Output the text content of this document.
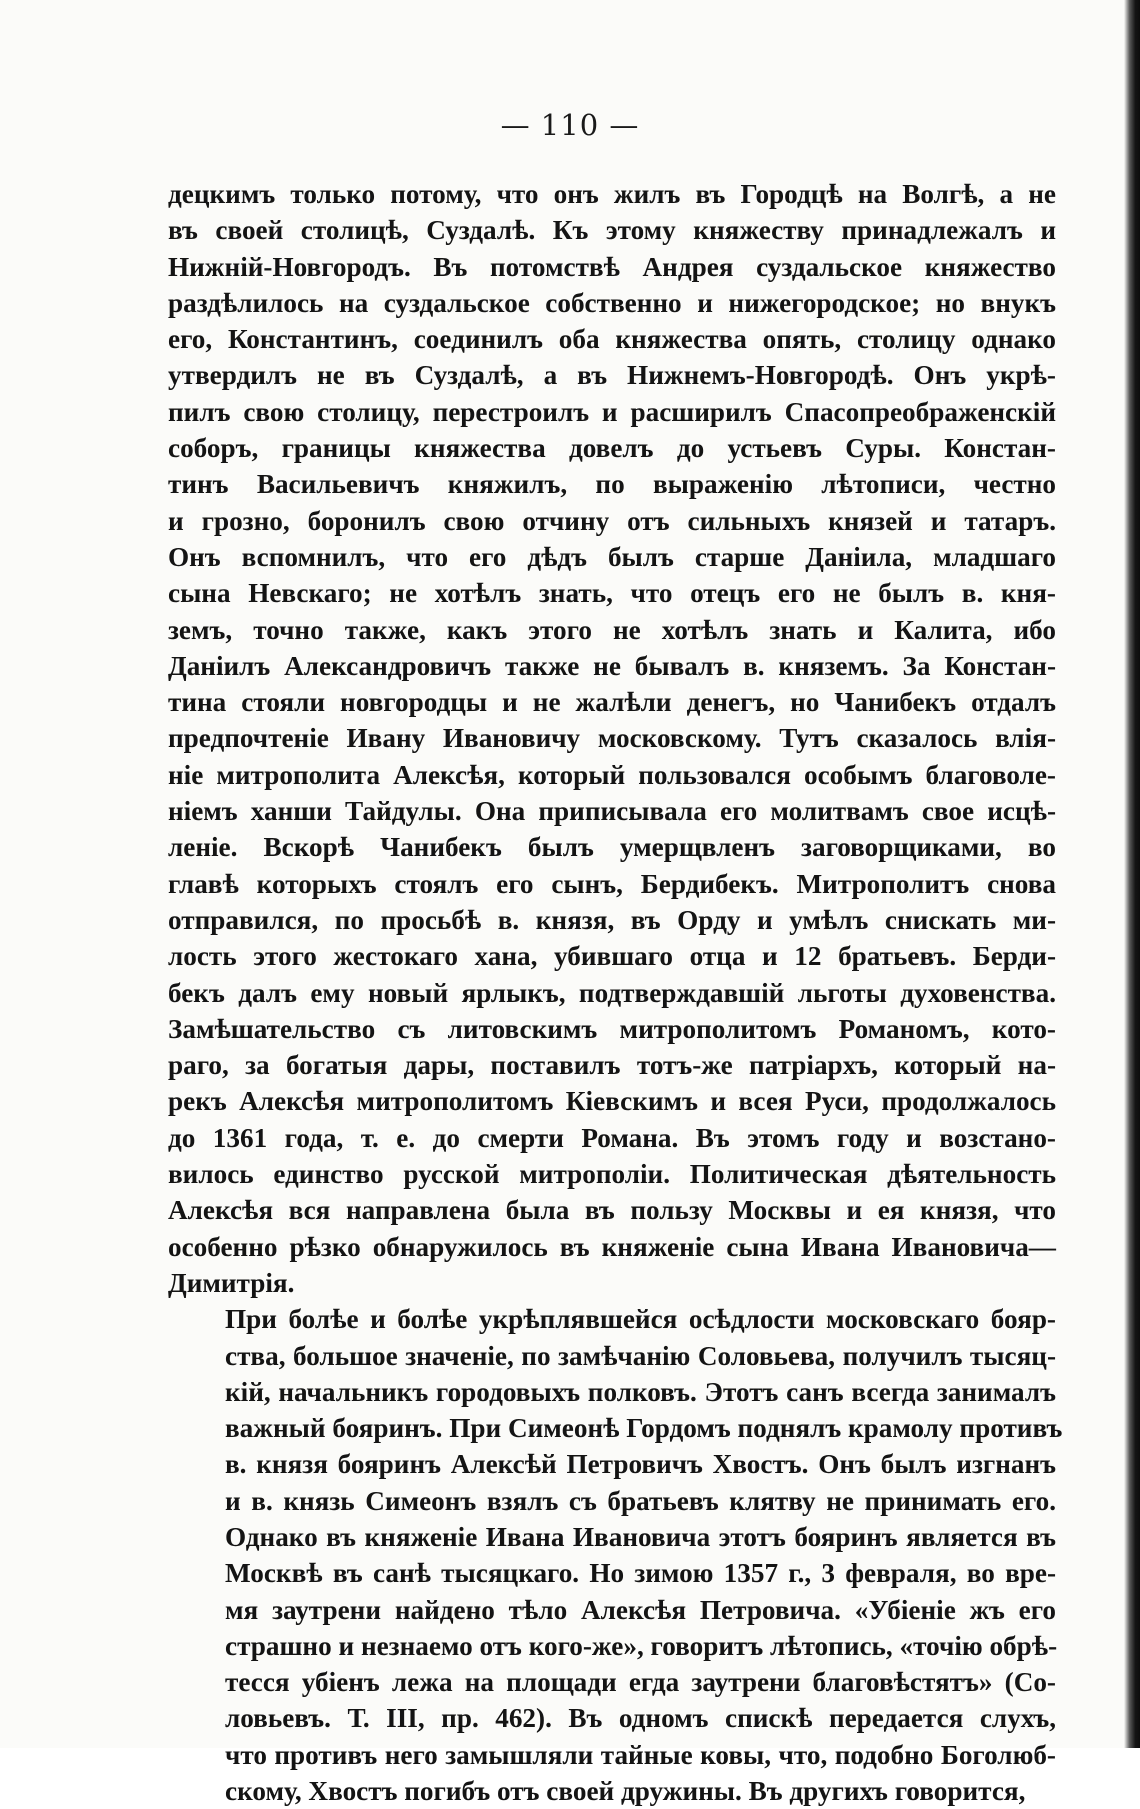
— 110 —
децкимъ только потому, что онъ жилъ въ Городцѣ на Волгѣ, а не
въ своей столицѣ, Суздалѣ. Къ этому княжеству принадлежалъ и
Нижній-Новгородъ. Въ потомствѣ Андрея суздальское княжество
раздѣлилось на суздальское собственно и нижегородское; но внукъ
его, Константинъ, соединилъ оба княжества опять, столицу однако
утвердилъ не въ Суздалѣ, а въ Нижнемъ-Новгородѣ. Онъ укрѣ-
пилъ свою столицу, перестроилъ и расширилъ Спасопреображенскій
соборъ, границы княжества довелъ до устьевъ Суры. Констан-
тинъ Васильевичъ княжилъ, по выраженію лѣтописи, честно
и грозно, боронилъ свою отчину отъ сильныхъ князей и татаръ.
Онъ вспомнилъ, что его дѣдъ былъ старше Даніила, младшаго
сына Невскаго; не хотѣлъ знать, что отецъ его не былъ в. кня-
земъ, точно также, какъ этого не хотѣлъ знать и Калита, ибо
Даніилъ Александровичъ также не бывалъ в. княземъ. За Констан-
тина стояли новгородцы и не жалѣли денегъ, но Чанибекъ отдалъ
предпочтеніе Ивану Ивановичу московскому. Тутъ сказалось влія-
ніе митрополита Алексѣя, который пользовался особымъ благоволе-
ніемъ ханши Тайдулы. Она приписывала его молитвамъ свое исцѣ-
леніе. Вскорѣ Чанибекъ былъ умерщвленъ заговорщиками, во
главѣ которыхъ стоялъ его сынъ, Бердибекъ. Митрополитъ снова
отправился, по просьбѣ в. князя, въ Орду и умѣлъ снискать ми-
лость этого жестокаго хана, убившаго отца и 12 братьевъ. Берди-
бекъ далъ ему новый ярлыкъ, подтверждавшій льготы духовенства.
Замѣшательство съ литовскимъ митрополитомъ Романомъ, кото-
раго, за богатыя дары, поставилъ тотъ-же патріархъ, который на-
рекъ Алексѣя митрополитомъ Кіевскимъ и всея Руси, продолжалось
до 1361 года, т. е. до смерти Романа. Въ этомъ году и возстано-
вилось единство русской митрополіи. Политическая дѣятельность
Алексѣя вся направлена была въ пользу Москвы и ея князя, что
особенно рѣзко обнаружилось въ княженіе сына Ивана Ивановича—
Димитрія.
При болѣе и болѣе укрѣплявшейся осѣдлости московскаго бояр-
ства, большое значеніе, по замѣчанію Соловьева, получилъ тысяц-
кій, начальникъ городовыхъ полковъ. Этотъ санъ всегда занималъ
важный бояринъ. При Симеонѣ Гордомъ поднялъ крамолу противъ
в. князя бояринъ Алексѣй Петровичъ Хвостъ. Онъ былъ изгнанъ
и в. князь Симеонъ взялъ съ братьевъ клятву не принимать его.
Однако въ княженіе Ивана Ивановича этотъ бояринъ является въ
Москвѣ въ санѣ тысяцкаго. Но зимою 1357 г., 3 февраля, во вре-
мя заутрени найдено тѣло Алексѣя Петровича. «Убіеніе жъ его
страшно и незнаемо отъ кого-же», говоритъ лѣтопись, «точію обрѣ-
тесся убіенъ лежа на площади егда заутрени благовѣстятъ» (Со-
ловьевъ. Т. III, пр. 462). Въ одномъ спискѣ передается слухъ,
что противъ него замышляли тайные ковы, что, подобно Боголюб-
скому, Хвостъ погибъ отъ своей дружины. Въ другихъ говорится,
